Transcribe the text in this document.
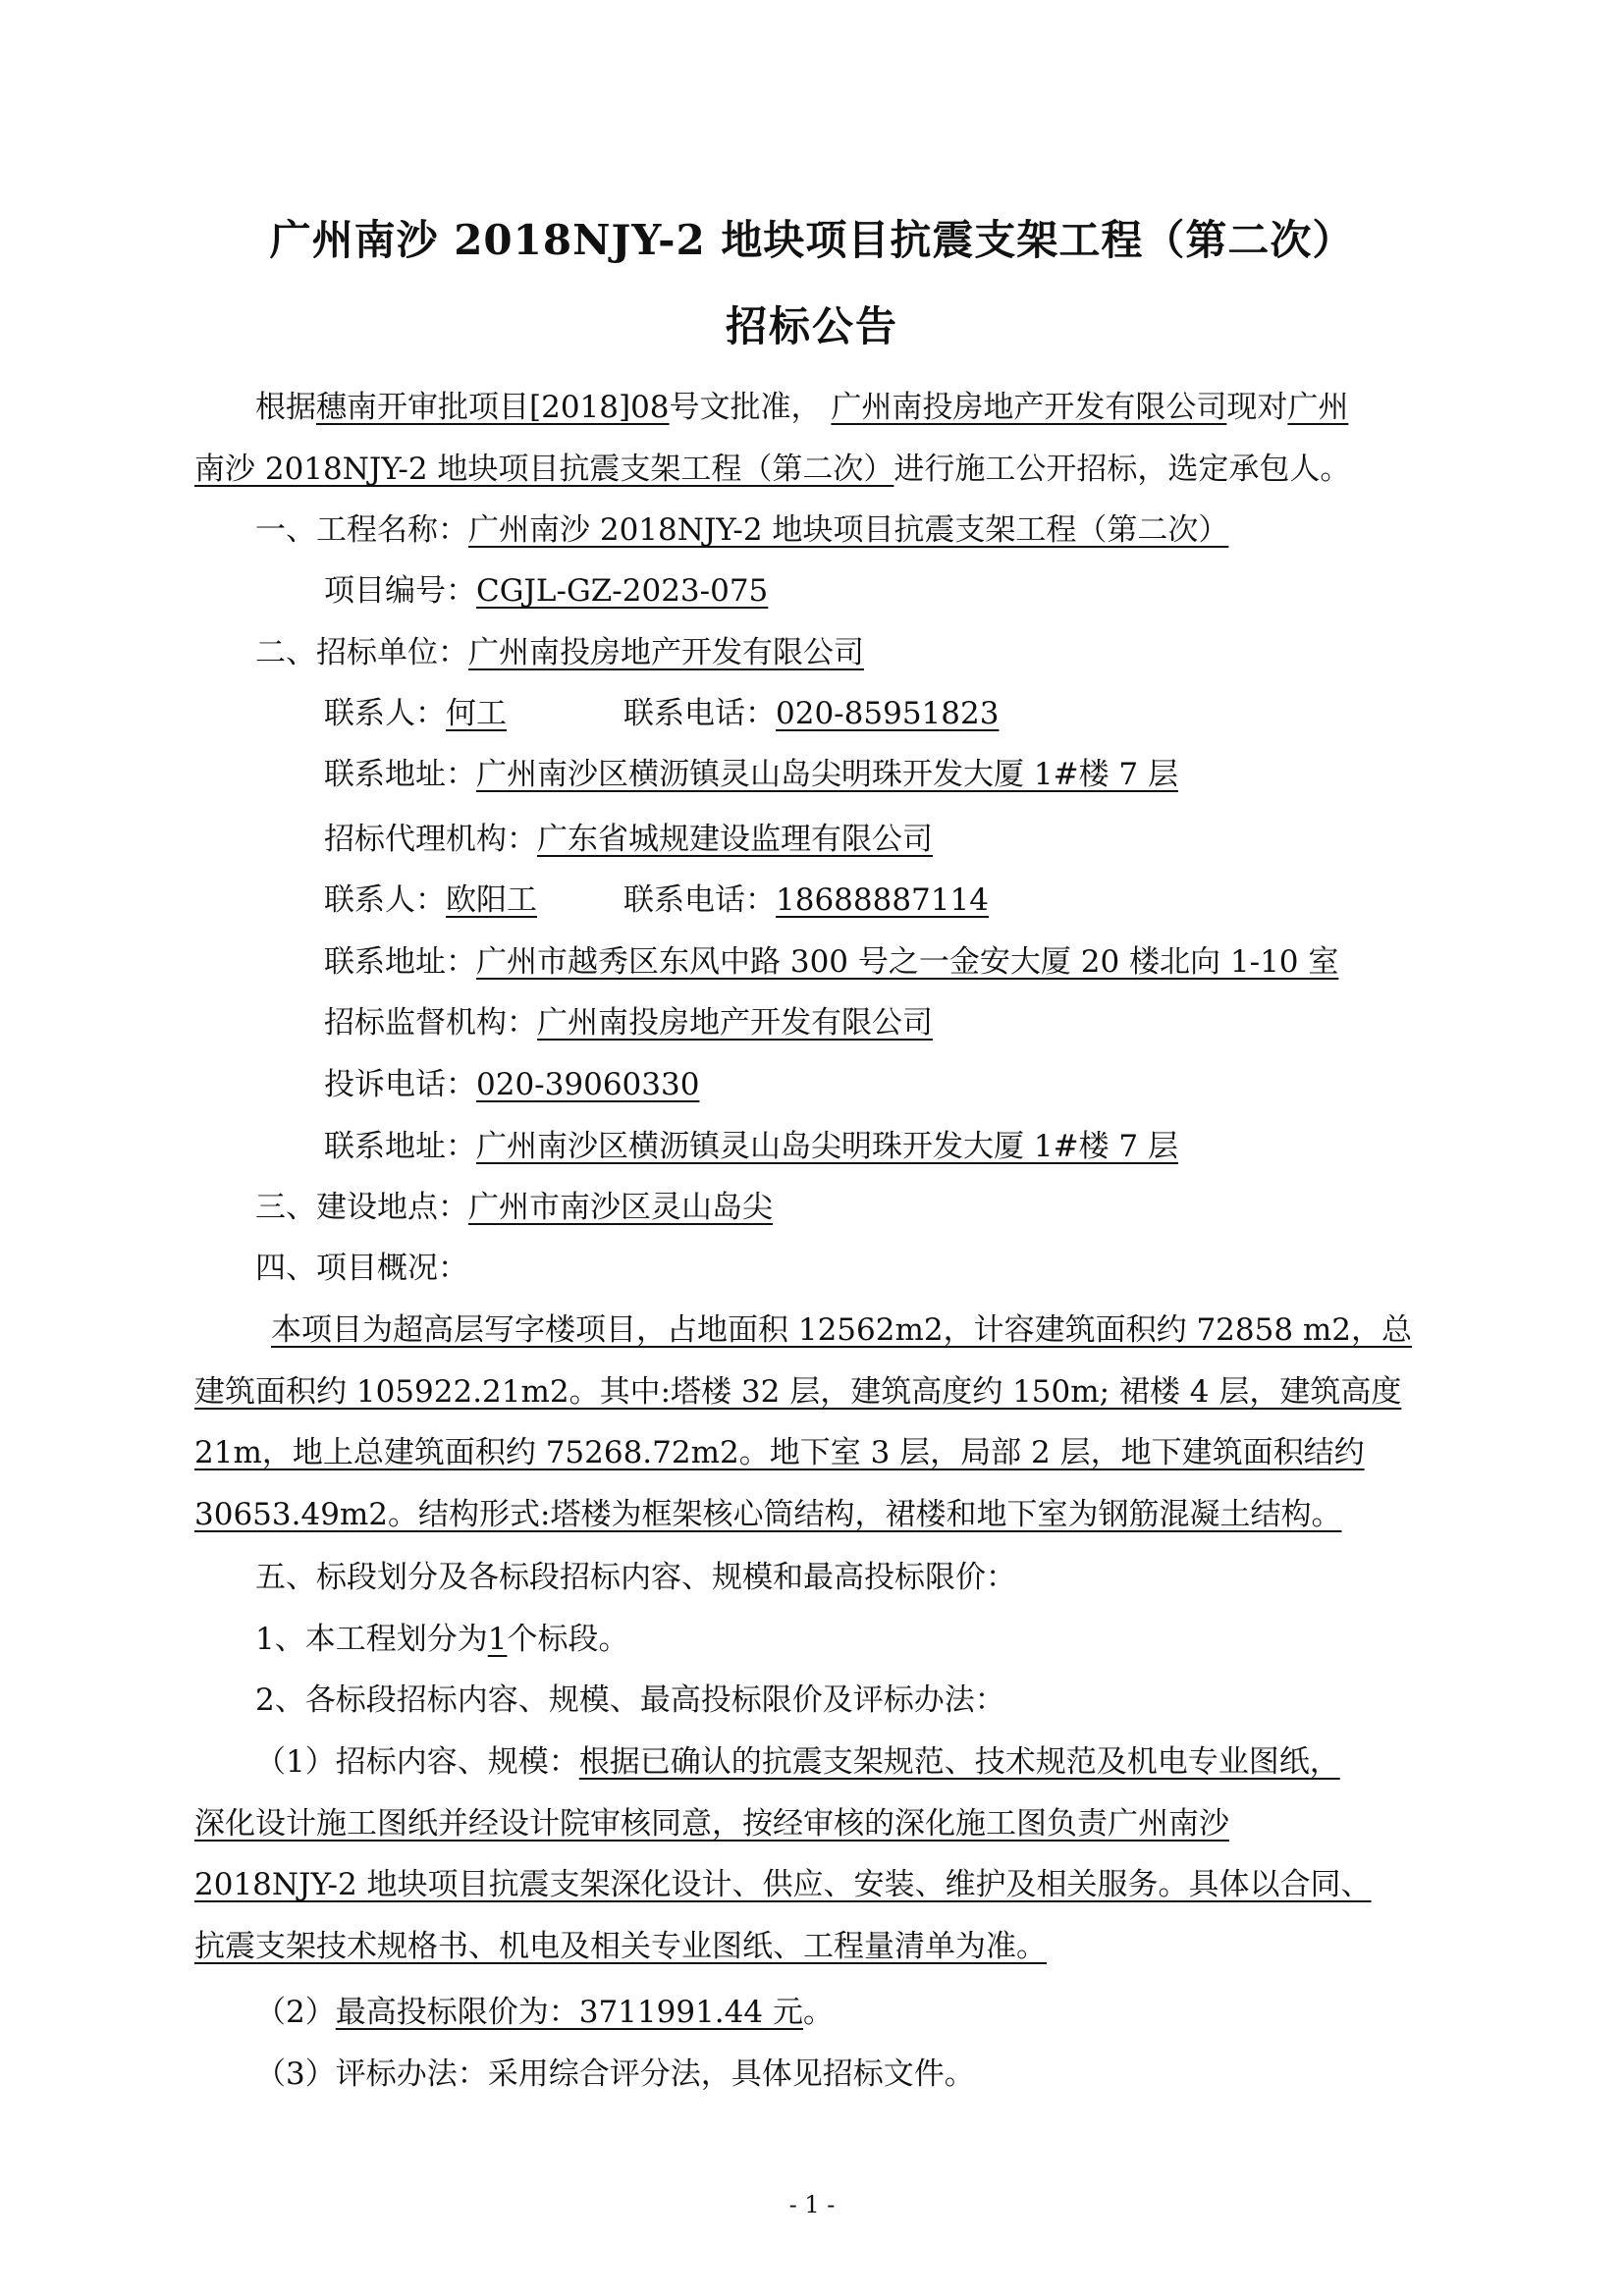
广州南沙 2018NJY-2 地块项目抗震支架工程（第二次）
招标公告
根据穗南开审批项目[2018]08号文批准， 广州南投房地产开发有限公司现对广州

南沙 2018NJY-2 地块项目抗震支架工程（第二次）进行施工公开招标，选定承包人。

一、工程名称：广州南沙 2018NJY-2 地块项目抗震支架工程（第二次）

项目编号：CGJL-GZ-2023-075

二、招标单位：广州南投房地产开发有限公司

联系人：何工	联系电话：020-85951823

联系地址：广州南沙区横沥镇灵山岛尖明珠开发大厦 1#楼 7 层

招标代理机构：广东省城规建设监理有限公司

联系人：欧阳工	联系电话：18688887114

联系地址：广州市越秀区东风中路 300 号之一金安大厦 20 楼北向 1-10 室

招标监督机构：广州南投房地产开发有限公司

投诉电话：020-39060330

联系地址：广州南沙区横沥镇灵山岛尖明珠开发大厦 1#楼 7 层

三、建设地点：广州市南沙区灵山岛尖

四、项目概况：

本项目为超高层写字楼项目，占地面积 12562m2，计容建筑面积约 72858 m2，总

建筑面积约 105922.21m2。其中:塔楼 32 层，建筑高度约 150m; 裙楼 4 层，建筑高度

21m，地上总建筑面积约 75268.72m2。地下室 3 层，局部 2 层，地下建筑面积结约

30653.49m2。结构形式:塔楼为框架核心筒结构，裙楼和地下室为钢筋混凝土结构。

五、标段划分及各标段招标内容、规模和最高投标限价：

1、本工程划分为1个标段。

2、各标段招标内容、规模、最高投标限价及评标办法：

（1）招标内容、规模：根据已确认的抗震支架规范、技术规范及机电专业图纸，

深化设计施工图纸并经设计院审核同意，按经审核的深化施工图负责广州南沙

2018NJY-2 地块项目抗震支架深化设计、供应、安装、维护及相关服务。具体以合同、

抗震支架技术规格书、机电及相关专业图纸、工程量清单为准。

（2）最高投标限价为：3711991.44 元。

（3）评标办法：采用综合评分法，具体见招标文件。

- 1 -
